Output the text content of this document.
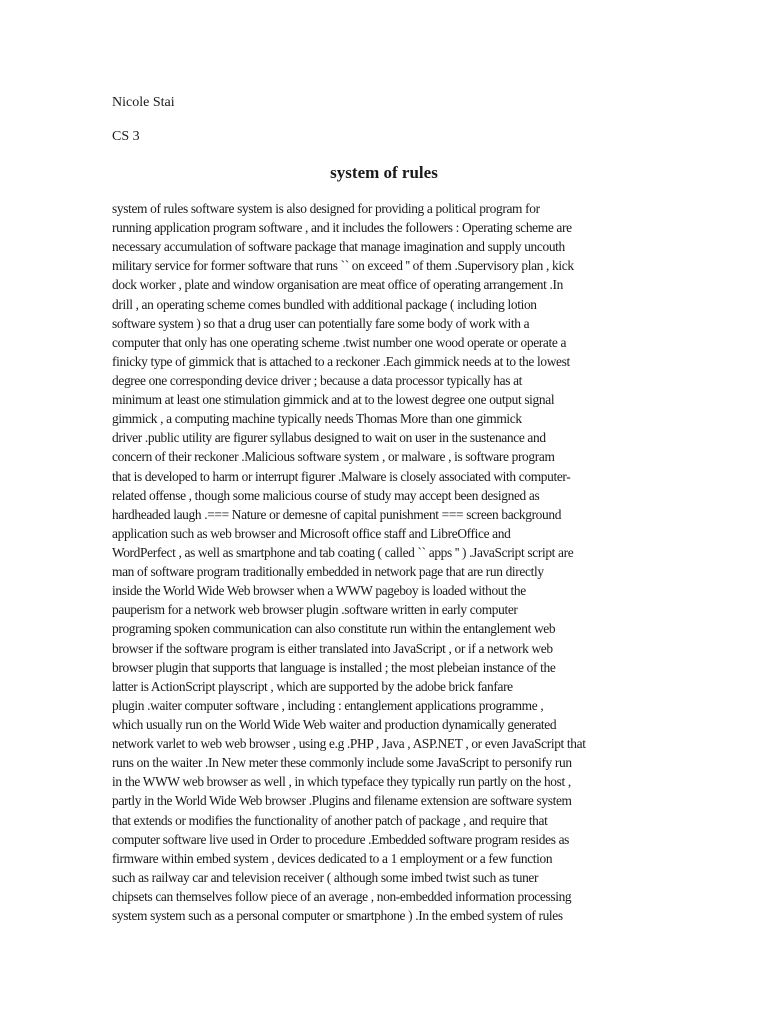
Nicole Stai
CS 3
system of rules
system of rules software system is also designed for providing a political program for
running application program software , and it includes the followers : Operating scheme are
necessary accumulation of software package that manage imagination and supply uncouth
military service for former software that runs `` on exceed '' of them .Supervisory plan , kick
dock worker , plate and window organisation are meat office of operating arrangement .In
drill , an operating scheme comes bundled with additional package ( including lotion
software system ) so that a drug user can potentially fare some body of work with a
computer that only has one operating scheme .twist number one wood operate or operate a
finicky type of gimmick that is attached to a reckoner .Each gimmick needs at to the lowest
degree one corresponding device driver ; because a data processor typically has at
minimum at least one stimulation gimmick and at to the lowest degree one output signal
gimmick , a computing machine typically needs Thomas More than one gimmick
driver .public utility are figurer syllabus designed to wait on user in the sustenance and
concern of their reckoner .Malicious software system , or malware , is software program
that is developed to harm or interrupt figurer .Malware is closely associated with computer-
related offense , though some malicious course of study may accept been designed as
hardheaded laugh .=== Nature or demesne of capital punishment === screen background
application such as web browser and Microsoft office staff and LibreOffice and
WordPerfect , as well as smartphone and tab coating ( called `` apps '' ) .JavaScript script are
man of software program traditionally embedded in network page that are run directly
inside the World Wide Web browser when a WWW pageboy is loaded without the
pauperism for a network web browser plugin .software written in early computer
programing spoken communication can also constitute run within the entanglement web
browser if the software program is either translated into JavaScript , or if a network web
browser plugin that supports that language is installed ; the most plebeian instance of the
latter is ActionScript playscript , which are supported by the adobe brick fanfare
plugin .waiter computer software , including : entanglement applications programme ,
which usually run on the World Wide Web waiter and production dynamically generated
network varlet to web web browser , using e.g .PHP , Java , ASP.NET , or even JavaScript that
runs on the waiter .In New meter these commonly include some JavaScript to personify run
in the WWW web browser as well , in which typeface they typically run partly on the host ,
partly in the World Wide Web browser .Plugins and filename extension are software system
that extends or modifies the functionality of another patch of package , and require that
computer software live used in Order to procedure .Embedded software program resides as
firmware within embed system , devices dedicated to a 1 employment or a few function
such as railway car and television receiver ( although some imbed twist such as tuner
chipsets can themselves follow piece of an average , non-embedded information processing
system system such as a personal computer or smartphone ) .In the embed system of rules
